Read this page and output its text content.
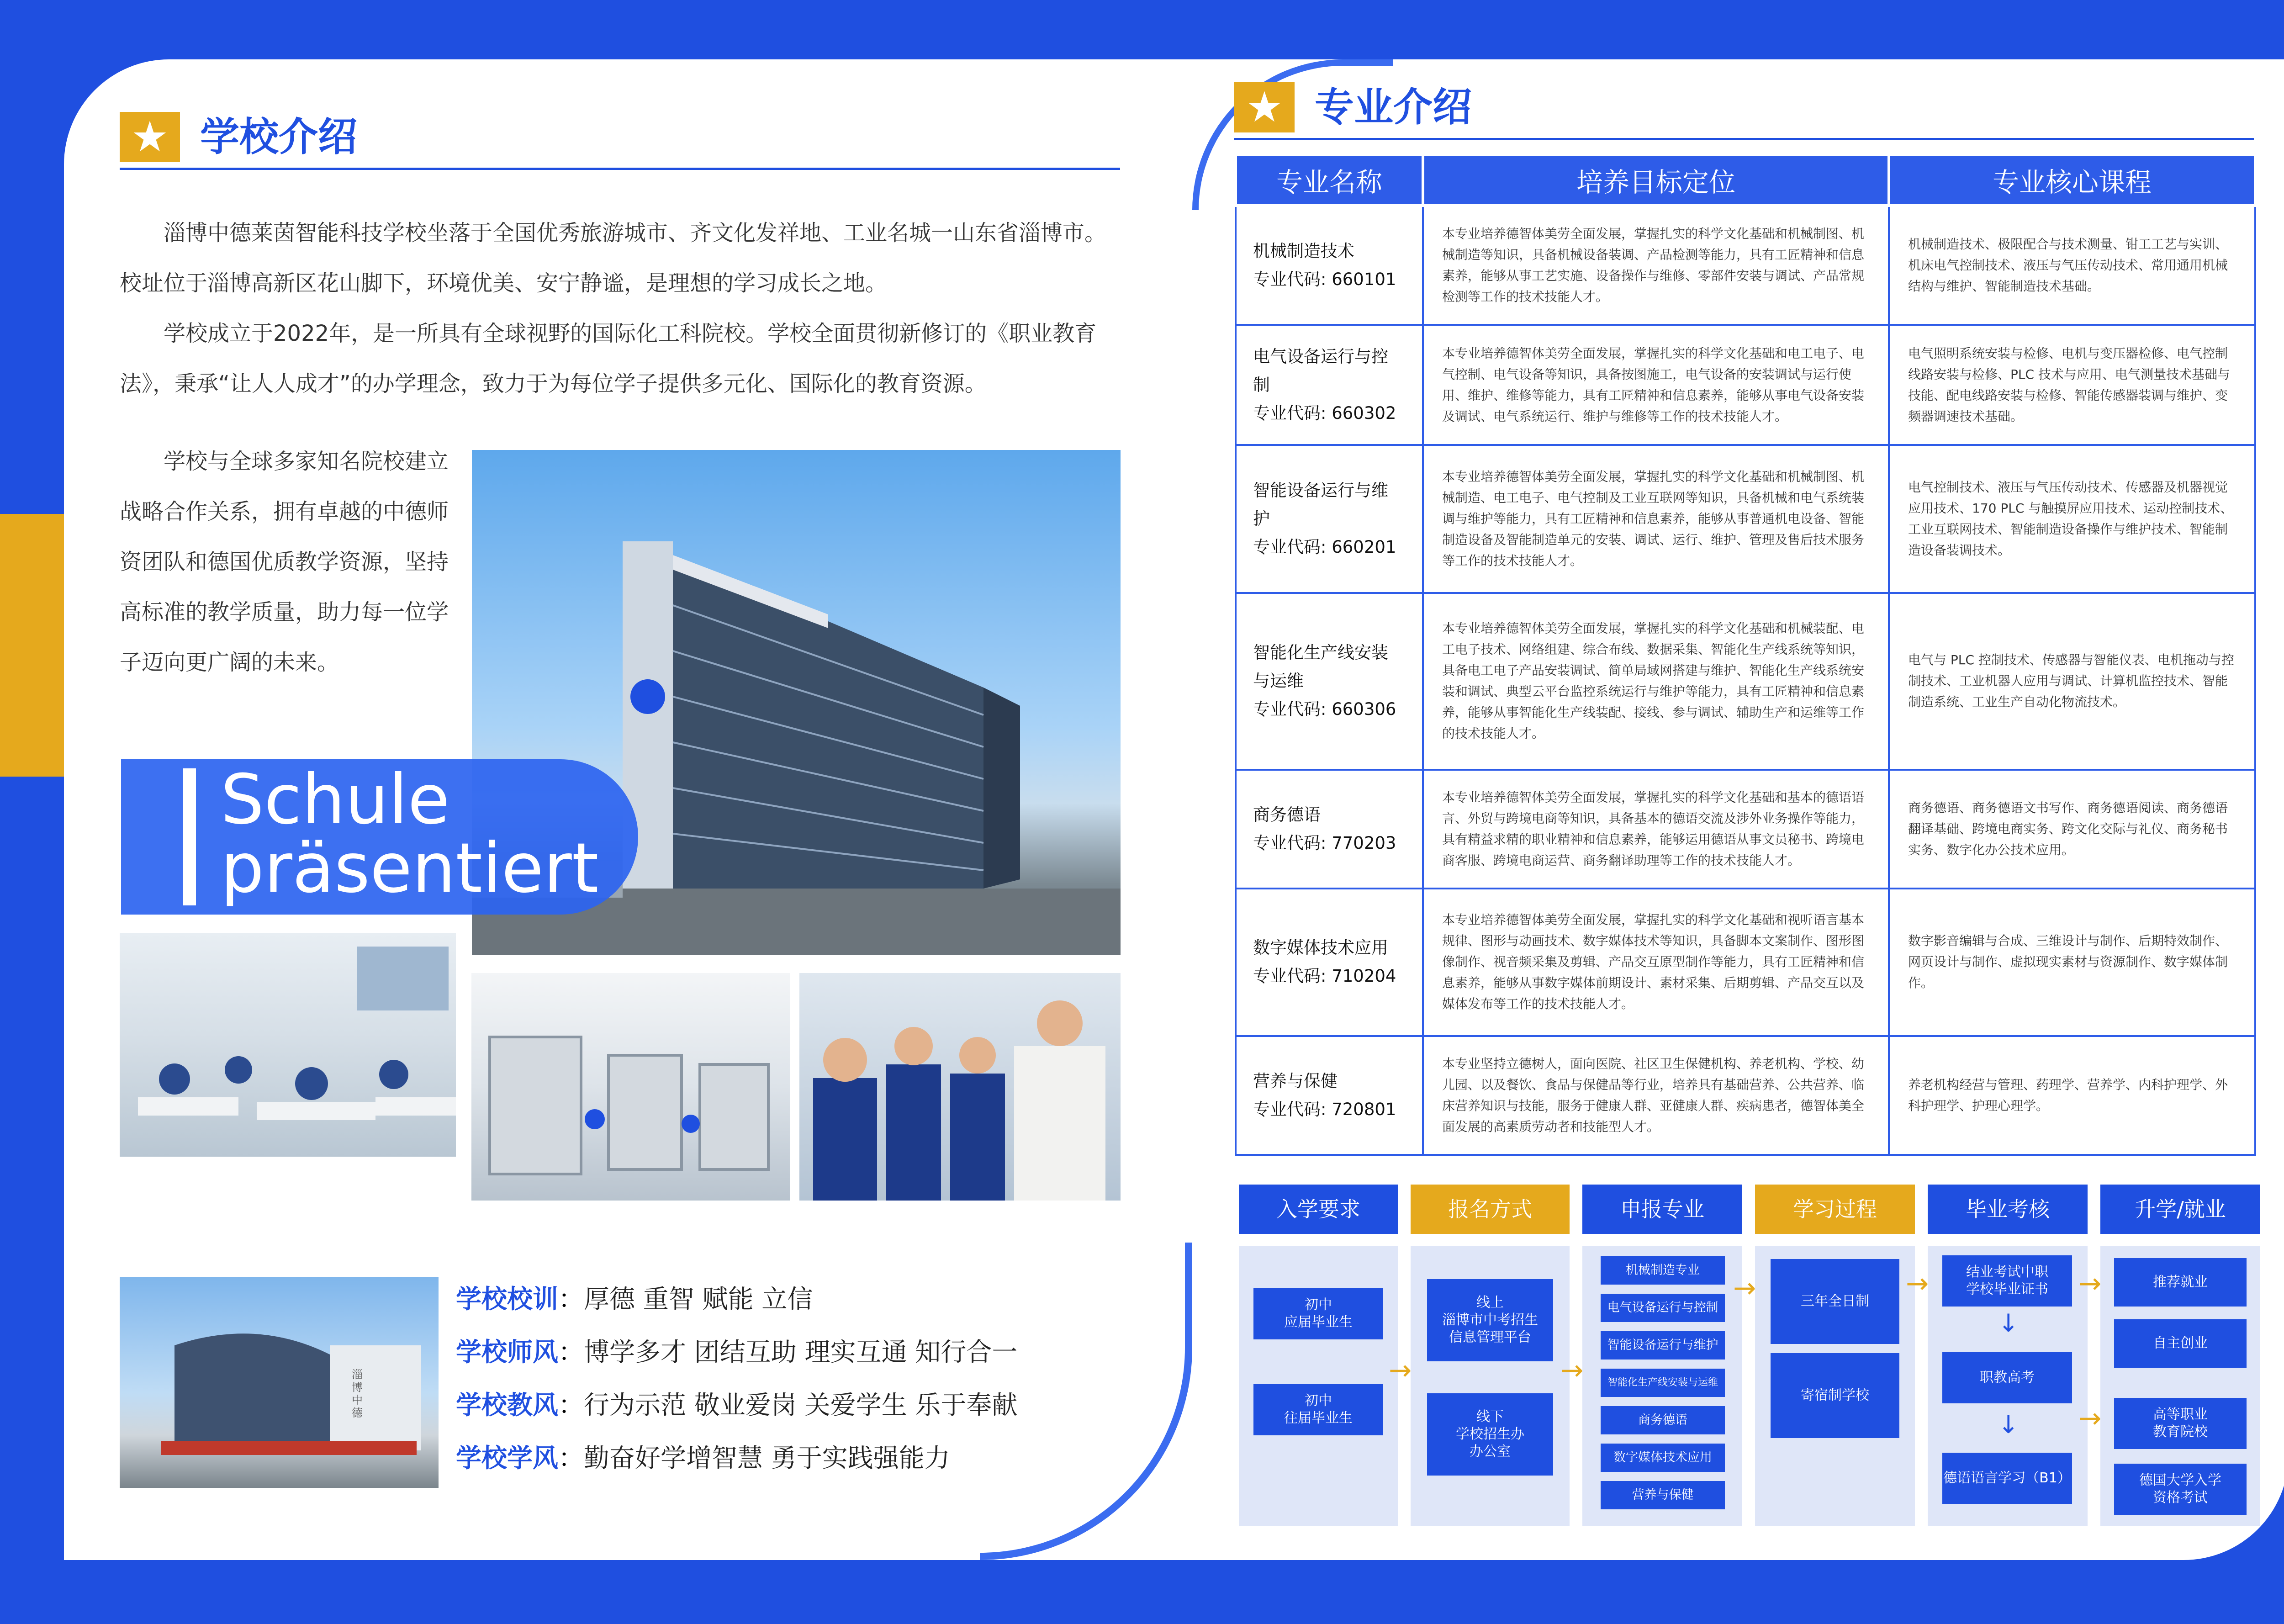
★ 学校介绍

淄博中德莱茵智能科技学校坐落于全国优秀旅游城市、齐文化发祥地、工业名城一山东省淄博市。校址位于淄博高新区花山脚下，环境优美、安宁静谧，是理想的学习成长之地。

学校成立于2022年，是一所具有全球视野的国际化工科院校。学校全面贯彻新修订的《职业教育法》，秉承“让人人成才”的办学理念，致力于为每位学子提供多元化、国际化的教育资源。

学校与全球多家知名院校建立战略合作关系，拥有卓越的中德师资团队和德国优质教学资源，坚持高标准的教学质量，助力每一位学子迈向更广阔的未来。

Schule
präsentiert
淄博中德
学校校训：厚德 重智 赋能 立信
学校师风：博学多才 团结互助 理实互通 知行合一
学校教风：行为示范 敬业爱岗 关爱学生 乐于奉献
学校学风：勤奋好学增智慧 勇于实践强能力
★ 专业介绍
专业名称	培养目标定位	专业核心课程

机械制造技术
专业代码: 660101	本专业培养德智体美劳全面发展，掌握扎实的科学文化基础和机械制图、机械制造等知识，具备机械设备装调、产品检测等能力，具有工匠精神和信息素养，能够从事工艺实施、设备操作与维修、零部件安装与调试、产品常规检测等工作的技术技能人才。	机械制造技术、极限配合与技术测量、钳工工艺与实训、机床电气控制技术、液压与气压传动技术、常用通用机械结构与维护、智能制造技术基础。

电气设备运行与控制
专业代码: 660302	本专业培养德智体美劳全面发展，掌握扎实的科学文化基础和电工电子、电气控制、电气设备等知识，具备按图施工，电气设备的安装调试与运行使用、维护、维修等能力，具有工匠精神和信息素养，能够从事电气设备安装及调试、电气系统运行、维护与维修等工作的技术技能人才。	电气照明系统安装与检修、电机与变压器检修、电气控制线路安装与检修、PLC 技术与应用、电气测量技术基础与技能、配电线路安装与检修、智能传感器装调与维护、变频器调速技术基础。

智能设备运行与维护
专业代码: 660201	本专业培养德智体美劳全面发展，掌握扎实的科学文化基础和机械制图、机械制造、电工电子、电气控制及工业互联网等知识，具备机械和电气系统装调与维护等能力，具有工匠精神和信息素养，能够从事普通机电设备、智能制造设备及智能制造单元的安装、调试、运行、维护、管理及售后技术服务等工作的技术技能人才。	电气控制技术、液压与气压传动技术、传感器及机器视觉应用技术、170 PLC 与触摸屏应用技术、运动控制技术、工业互联网技术、智能制造设备操作与维护技术、智能制造设备装调技术。

智能化生产线安装与运维
专业代码: 660306	本专业培养德智体美劳全面发展，掌握扎实的科学文化基础和机械装配、电工电子技术、网络组建、综合布线、数据采集、智能化生产线系统等知识，具备电工电子产品安装调试、简单局域网搭建与维护、智能化生产线系统安装和调试、典型云平台监控系统运行与维护等能力，具有工匠精神和信息素养，能够从事智能化生产线装配、接线、参与调试、辅助生产和运维等工作的技术技能人才。	电气与 PLC 控制技术、传感器与智能仪表、电机拖动与控制技术、工业机器人应用与调试、计算机监控技术、智能制造系统、工业生产自动化物流技术。

商务德语
专业代码: 770203	本专业培养德智体美劳全面发展，掌握扎实的科学文化基础和基本的德语语言、外贸与跨境电商等知识，具备基本的德语交流及涉外业务操作等能力，具有精益求精的职业精神和信息素养，能够运用德语从事文员秘书、跨境电商客服、跨境电商运营、商务翻译助理等工作的技术技能人才。	商务德语、商务德语文书写作、商务德语阅读、商务德语翻译基础、跨境电商实务、跨文化交际与礼仪、商务秘书实务、数字化办公技术应用。

数字媒体技术应用
专业代码: 710204	本专业培养德智体美劳全面发展，掌握扎实的科学文化基础和视听语言基本规律、图形与动画技术、数字媒体技术等知识，具备脚本文案制作、图形图像制作、视音频采集及剪辑、产品交互原型制作等能力，具有工匠精神和信息素养，能够从事数字媒体前期设计、素材采集、后期剪辑、产品交互以及媒体发布等工作的技术技能人才。	数字影音编辑与合成、三维设计与制作、后期特效制作、网页设计与制作、虚拟现实素材与资源制作、数字媒体制作。

营养与保健
专业代码: 720801	本专业坚持立德树人，面向医院、社区卫生保健机构、养老机构、学校、幼儿园、以及餐饮、食品与保健品等行业，培养具有基础营养、公共营养、临床营养知识与技能，服务于健康人群、亚健康人群、疾病患者，德智体美全面发展的高素质劳动者和技能型人才。	养老机构经营与管理、药理学、营养学、内科护理学、外科护理学、护理心理学。
入学要求	报名方式	申报专业	学习过程	毕业考核	升学/就业
初中
应届毕业生
初中
往届毕业生
线上
淄博市中考招生
信息管理平台
线下
学校招生办
办公室
机械制造专业
电气设备运行与控制
智能设备运行与维护
智能化生产线安装与运维
商务德语
数字媒体技术应用
营养与保健
三年全日制
寄宿制学校
结业考试中职
学校毕业证书
职教高考
德语语言学习（B1）
↓
↓
推荐就业
自主创业
高等职业
教育院校
德国大学入学
资格考试
→	→
→	→	→
→
